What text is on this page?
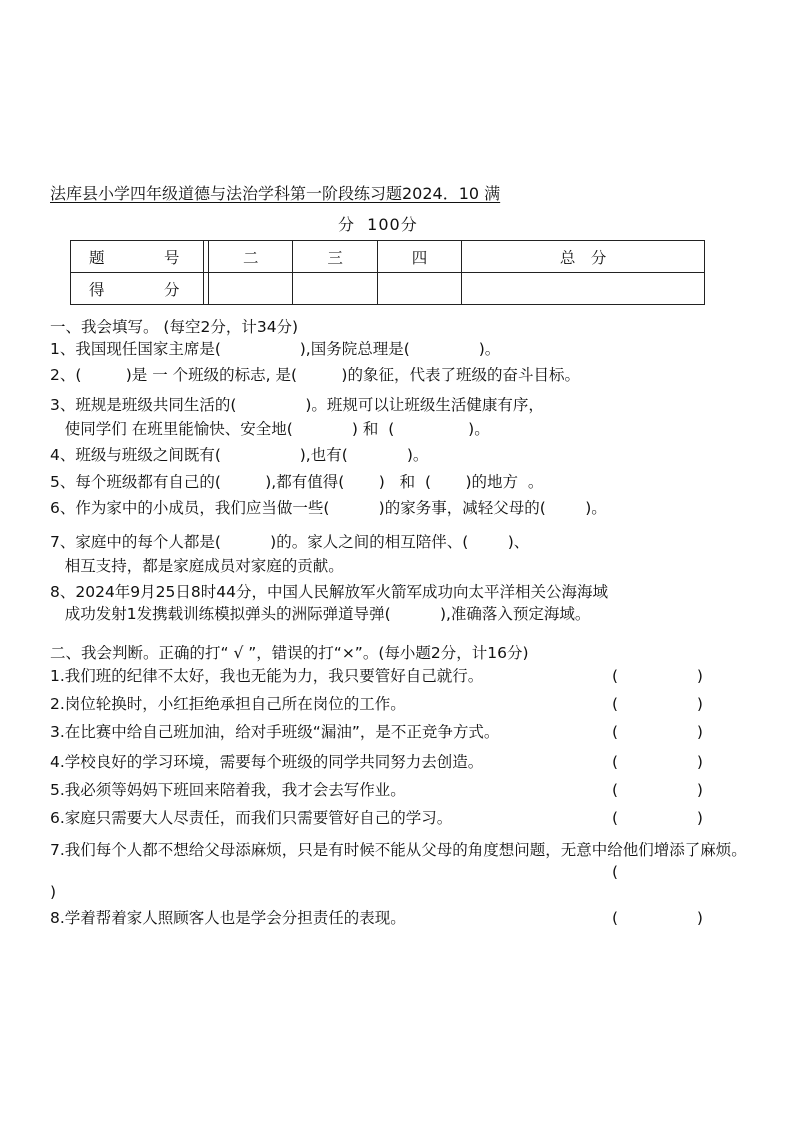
法库县小学四年级道德与法治学科第一阶段练习题2024．10 满
分  100分
题　号		二	三	四	总　分
得　分					
一、我会填写。 (每空2分，计34分)
1、我国现任国家主席是(                ),国务院总理是(              )。
2、(         )是 一 个班级的标志, 是(         )的象征，代表了班级的奋斗目标。
3、班规是班级共同生活的(              )。班规可以让班级生活健康有序，
使同学们 在班里能愉快、安全地(            ) 和  (               )。
4、班级与班级之间既有(                ),也有(            )。
5、每个班级都有自己的(         ),都有值得(       )   和  (       )的地方  。
6、作为家中的小成员，我们应当做一些(          )的家务事，减轻父母的(        )。
7、家庭中的每个人都是(          )的。家人之间的相互陪伴、(        )、
相互支持，都是家庭成员对家庭的贡献。
8、2024年9月25日8时44分，中国人民解放军火箭军成功向太平洋相关公海海域
成功发射1发携载训练模拟弹头的洲际弹道导弹(          ),准确落入预定海域。
二、我会判断。正确的打“ √ ”，错误的打“×”。(每小题2分，计16分)
1.我们班的纪律不太好，我也无能为力，我只要管好自己就行。	(                )
2.岗位轮换时，小红拒绝承担自己所在岗位的工作。	(                )
3.在比赛中给自己班加油，给对手班级“漏油”，是不正竞争方式。	(                )
4.学校良好的学习环境，需要每个班级的同学共同努力去创造。	(                )
5.我必须等妈妈下班回来陪着我，我才会去写作业。	(                )
6.家庭只需要大人尽责任，而我们只需要管好自己的学习。	(                )
7.我们每个人都不想给父母添麻烦，只是有时候不能从父母的角度想问题，无意中给他们增添了麻烦。
(
)
8.学着帮着家人照顾客人也是学会分担责任的表现。	(                )
